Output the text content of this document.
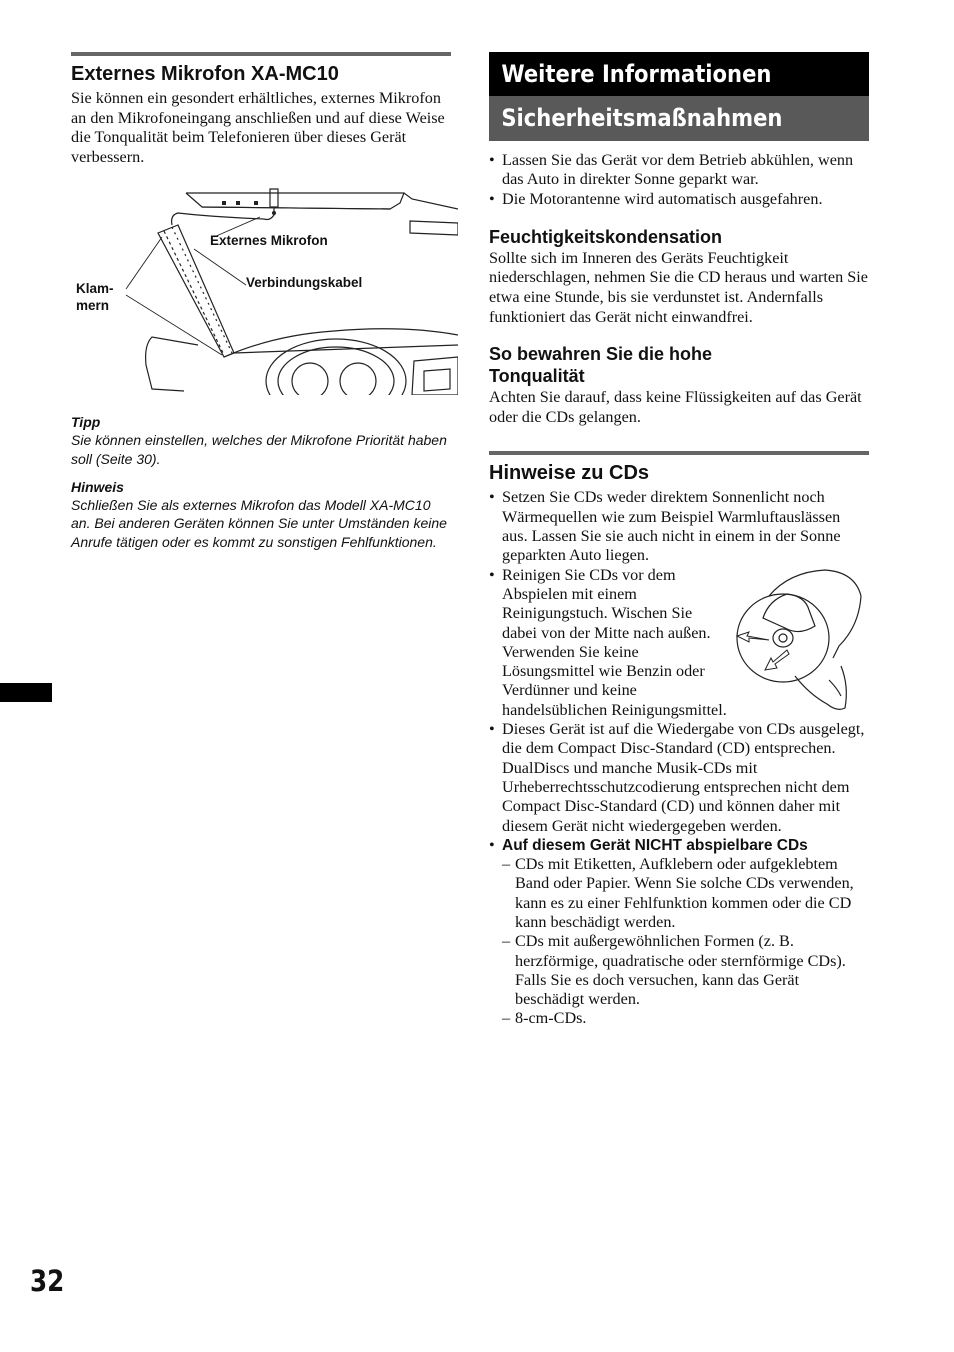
Externes Mikrofon XA-MC10

Sie können ein gesondert erhältliches, externes Mikrofon an den Mikrofoneingang anschließen und auf diese Weise die Tonqualität beim Telefonieren über dieses Gerät verbessern.

Externes Mikrofon
Verbindungskabel
Klam-
mern

Tipp

Sie können einstellen, welches der Mikrofone Priorität haben soll (Seite 30).

Hinweis

Schließen Sie als externes Mikrofon das Modell XA-MC10 an. Bei anderen Geräten können Sie unter Umständen keine Anrufe tätigen oder es kommt zu sonstigen Fehlfunktionen.

Weitere Informationen
Sicherheitsmaßnahmen
• Lassen Sie das Gerät vor dem Betrieb abkühlen, wenn das Auto in direkter Sonne geparkt war.
• Die Motorantenne wird automatisch ausgefahren.
Feuchtigkeitskondensation

Sollte sich im Inneren des Geräts Feuchtigkeit niederschlagen, nehmen Sie die CD heraus und warten Sie etwa eine Stunde, bis sie verdunstet ist. Andernfalls funktioniert das Gerät nicht einwandfrei.

So bewahren Sie die hohe Tonqualität

Achten Sie darauf, dass keine Flüssigkeiten auf das Gerät oder die CDs gelangen.

Hinweise zu CDs
• Setzen Sie CDs weder direktem Sonnenlicht noch Wärmequellen wie zum Beispiel Warmluftauslässen aus. Lassen Sie sie auch nicht in einem in der Sonne geparkten Auto liegen.
• Reinigen Sie CDs vor dem Abspielen mit einem Reinigungstuch. Wischen Sie dabei von der Mitte nach außen. Verwenden Sie keine Lösungsmittel wie Benzin oder Verdünner und keine handelsüblichen Reinigungsmittel.
• Dieses Gerät ist auf die Wiedergabe von CDs ausgelegt, die dem Compact Disc-Standard (CD) entsprechen. DualDiscs und manche Musik-CDs mit Urheberrechtsschutzcodierung entsprechen nicht dem Compact Disc-Standard (CD) und können daher mit diesem Gerät nicht wiedergegeben werden.
• Auf diesem Gerät NICHT abspielbare CDs
– CDs mit Etiketten, Aufklebern oder aufgeklebtem Band oder Papier. Wenn Sie solche CDs verwenden, kann es zu einer Fehlfunktion kommen oder die CD kann beschädigt werden.
– CDs mit außergewöhnlichen Formen (z. B. herzförmige, quadratische oder sternförmige CDs). Falls Sie es doch versuchen, kann das Gerät beschädigt werden.
– 8-cm-CDs.
32
